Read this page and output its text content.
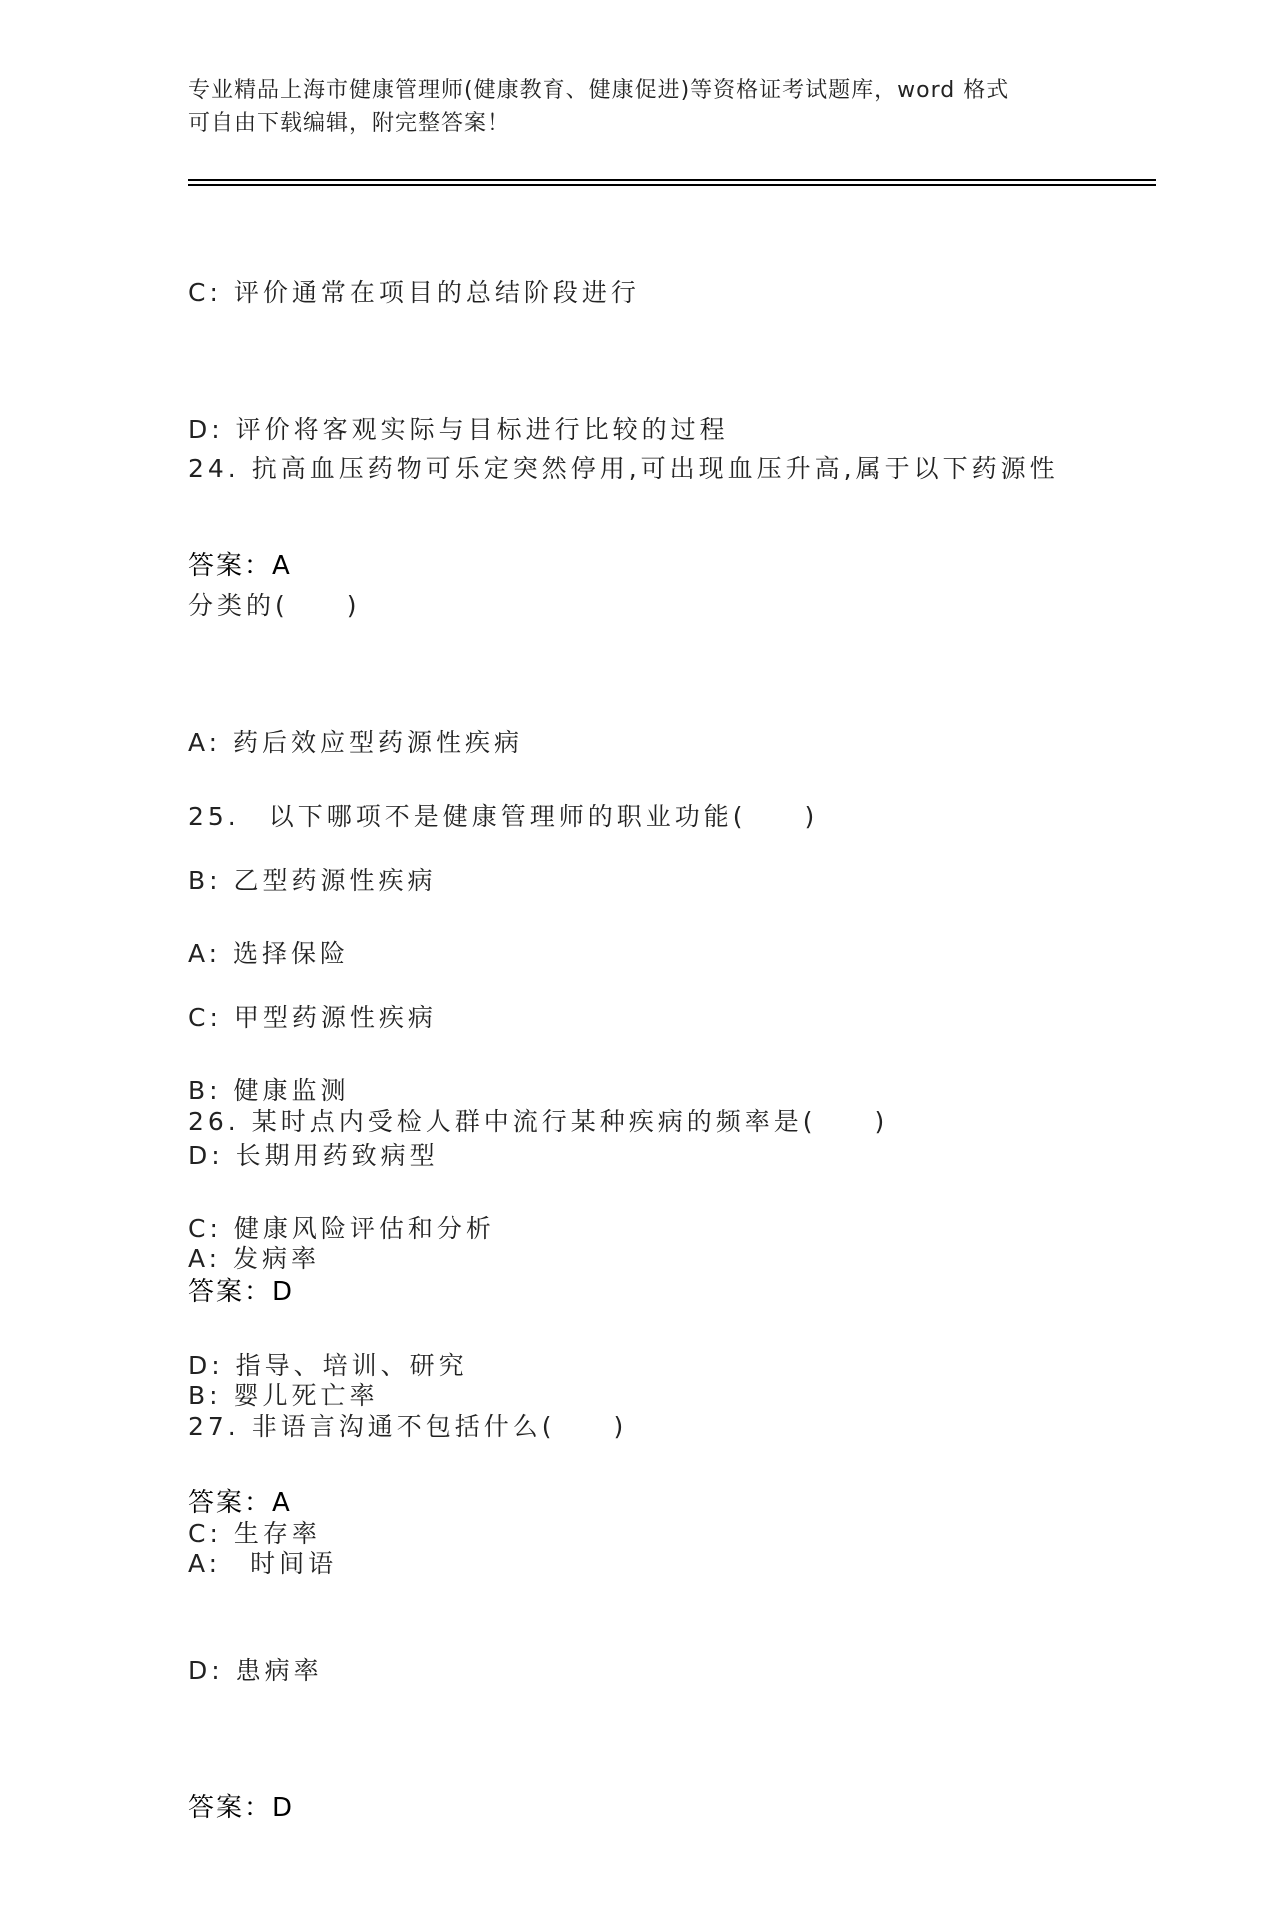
专业精品上海市健康管理师(健康教育、健康促进)等资格证考试题库，word 格式
可自由下载编辑，附完整答案！

C: 评价通常在项目的总结阶段进行

D: 评价将客观实际与目标进行比较的过程

答案：A

24. 抗高血压药物可乐定突然停用,可出现血压升高,属于以下药源性

分类的(　　)

A: 药后效应型药源性疾病

B: 乙型药源性疾病

C: 甲型药源性疾病

D: 长期用药致病型

答案：D

25.　以下哪项不是健康管理师的职业功能(　　)

A: 选择保险

B: 健康监测

C: 健康风险评估和分析

D: 指导、培训、研究

答案：A

26. 某时点内受检人群中流行某种疾病的频率是(　　)

A: 发病率

B: 婴儿死亡率

C: 生存率

D: 患病率

答案：D

27. 非语言沟通不包括什么(　　)

A:　时间语
